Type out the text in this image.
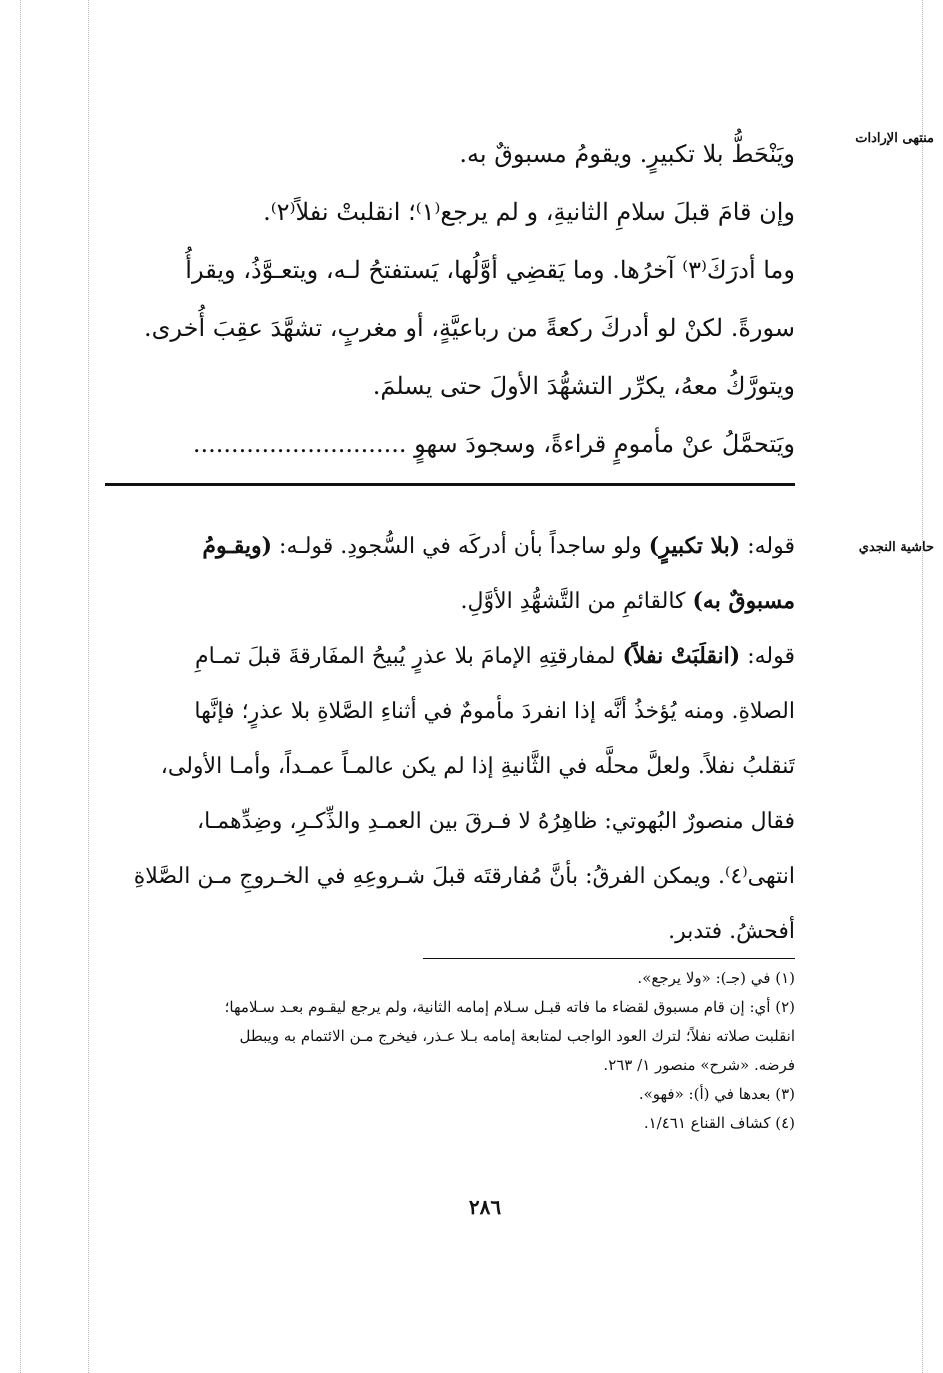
منتهى الإرادات
حاشية النجدي
ويَنْحَطُّ بلا تكبيرٍ. ويقومُ مسبوقٌ به.
وإن قامَ قبلَ سلامِ الثانيةِ، و لم يرجع⁽١⁾؛ انقلبتْ نفلاً⁽٢⁾.
وما أدرَكَ⁽٣⁾ آخرُها. وما يَقضِي أوَّلُها، يَستفتحُ لـه، ويتعـوَّذُ، ويقرأُ
سورةً. لكنْ لو أدركَ ركعةً من رباعيَّةٍ، أو مغربٍ، تشهَّدَ عقِبَ أُخرى.
ويتورَّكُ معهُ، يكرِّر التشهُّدَ الأولَ حتى يسلمَ.
ويَتحمَّلُ عنْ مأمومٍ قراءةً، وسجودَ سهوٍ ............................
قوله: (بلا تكبيرٍ) ولو ساجداً بأن أدركَه في السُّجودِ. قولـه: (ويقـومُ
مسبوقٌ به) كالقائمِ من التَّشهُّدِ الأوَّلِ.
قوله: (انقلَبَتْ نفلاً) لمفارقتِهِ الإمامَ بلا عذرٍ يُبيحُ المفَارقةَ قبلَ تمـامِ
الصلاةِ. ومنه يُؤخذُ أنَّه إذا انفردَ مأمومٌ في أثناءِ الصَّلاةِ بلا عذرٍ؛ فإنَّها
تَنقلبُ نفلاً. ولعلَّ محلَّه في الثَّانيةِ إذا لم يكن عالمـاً عمـداً، وأمـا الأولى،
فقال منصورٌ البُهوتي: ظاهِرُهُ لا فـرقَ بين العمـدِ والذِّكـرِ، وضِدِّهمـا،
انتهى⁽٤⁾. ويمكن الفرقُ: بأنَّ مُفارقتَه قبلَ شـروعِهِ في الخـروجِ مـن الصَّلاةِ
أفحشُ. فتدبر.
(١) في (جـ): «ولا يرجع».
(٢) أي: إن قام مسبوق لقضاء ما فاته قبـل سـلام إمامه الثانية، ولم يرجع ليقـوم بعـد سـلامها؛
انقلبت صلاته نفلاً؛ لترك العود الواجب لمتابعة إمامه بـلا عـذر، فيخرج مـن الائتمام به ويبطل
فرضه. «شرح» منصور ١/ ٢٦٣.
(٣) بعدها في (أ): «فهو».
(٤) كشاف القناع ١/٤٦١.
٢٨٦
